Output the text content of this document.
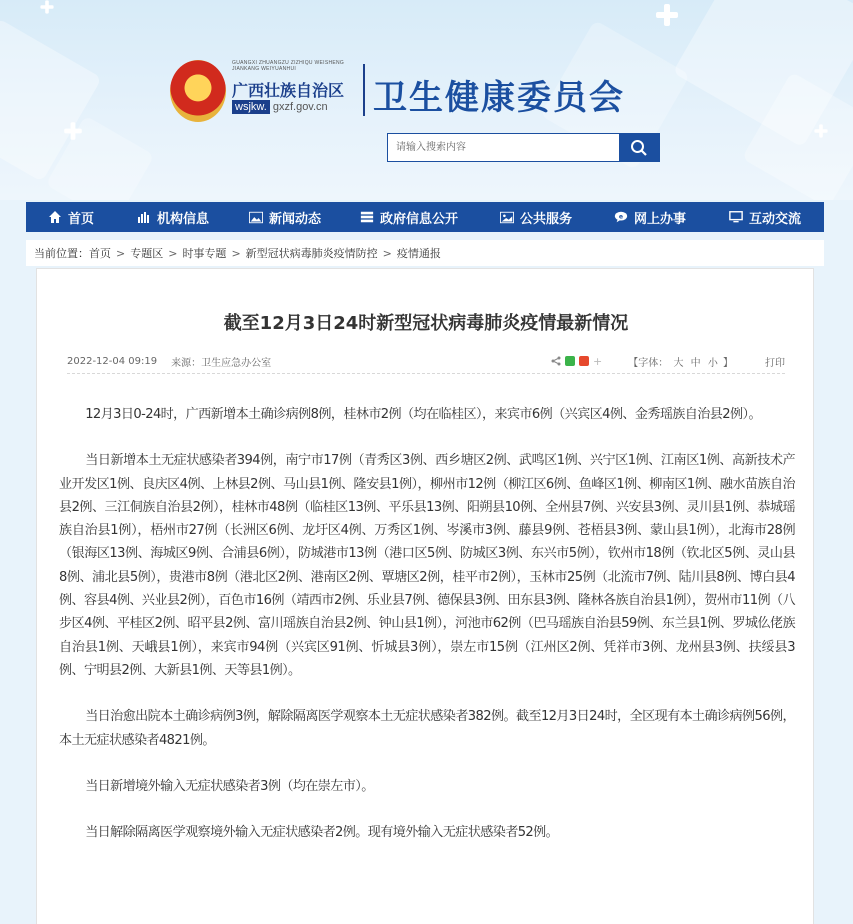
★
GUANGXI ZHUANGZU ZIZHIQU WEISHENG JIANKANG WEIYUANHUI
广西壮族自治区
wsjkw. gxzf.gov.cn 卫生健康委员会
请输入搜索内容
首页	机构信息	新闻动态	政府信息公开	公共服务	e 网上办事	互动交流
当前位置： 首页 > 专题区 > 时事专题 > 新型冠状病毒肺炎疫情防控 > 疫情通报
截至12月3日24时新型冠状病毒肺炎疫情最新情况
2022-12-04 09:19 来源：卫生应急办公室	+	【字体： 大 中 小 】	打印

12月3日0-24时，广西新增本土确诊病例8例，桂林市2例（均在临桂区），来宾市6例（兴宾区4例、金秀瑶族自治县2例）。

当日新增本土无症状感染者394例，南宁市17例（青秀区3例、西乡塘区2例、武鸣区1例、兴宁区1例、江南区1例、高新技术产业开发区1例、良庆区4例、上林县2例、马山县1例、隆安县1例），柳州市12例（柳江区6例、鱼峰区1例、柳南区1例、融水苗族自治县2例、三江侗族自治县2例），桂林市48例（临桂区13例、平乐县13例、阳朔县10例、全州县7例、兴安县3例、灵川县1例、恭城瑶族自治县1例），梧州市27例（长洲区6例、龙圩区4例、万秀区1例、岑溪市3例、藤县9例、苍梧县3例、蒙山县1例），北海市28例（银海区13例、海城区9例、合浦县6例），防城港市13例（港口区5例、防城区3例、东兴市5例），钦州市18例（钦北区5例、灵山县8例、浦北县5例），贵港市8例（港北区2例、港南区2例、覃塘区2例，桂平市2例），玉林市25例（北流市7例、陆川县8例、博白县4例、容县4例、兴业县2例），百色市16例（靖西市2例、乐业县7例、德保县3例、田东县3例、隆林各族自治县1例），贺州市11例（八步区4例、平桂区2例、昭平县2例、富川瑶族自治县2例、钟山县1例），河池市62例（巴马瑶族自治县59例、东兰县1例、罗城仫佬族自治县1例、天峨县1例），来宾市94例（兴宾区91例、忻城县3例），崇左市15例（江州区2例、凭祥市3例、龙州县3例、扶绥县3例、宁明县2例、大新县1例、天等县1例）。

当日治愈出院本土确诊病例3例，解除隔离医学观察本土无症状感染者382例。截至12月3日24时，全区现有本土确诊病例56例，本土无症状感染者4821例。

当日新增境外输入无症状感染者3例（均在崇左市）。

当日解除隔离医学观察境外输入无症状感染者2例。现有境外输入无症状感染者52例。
